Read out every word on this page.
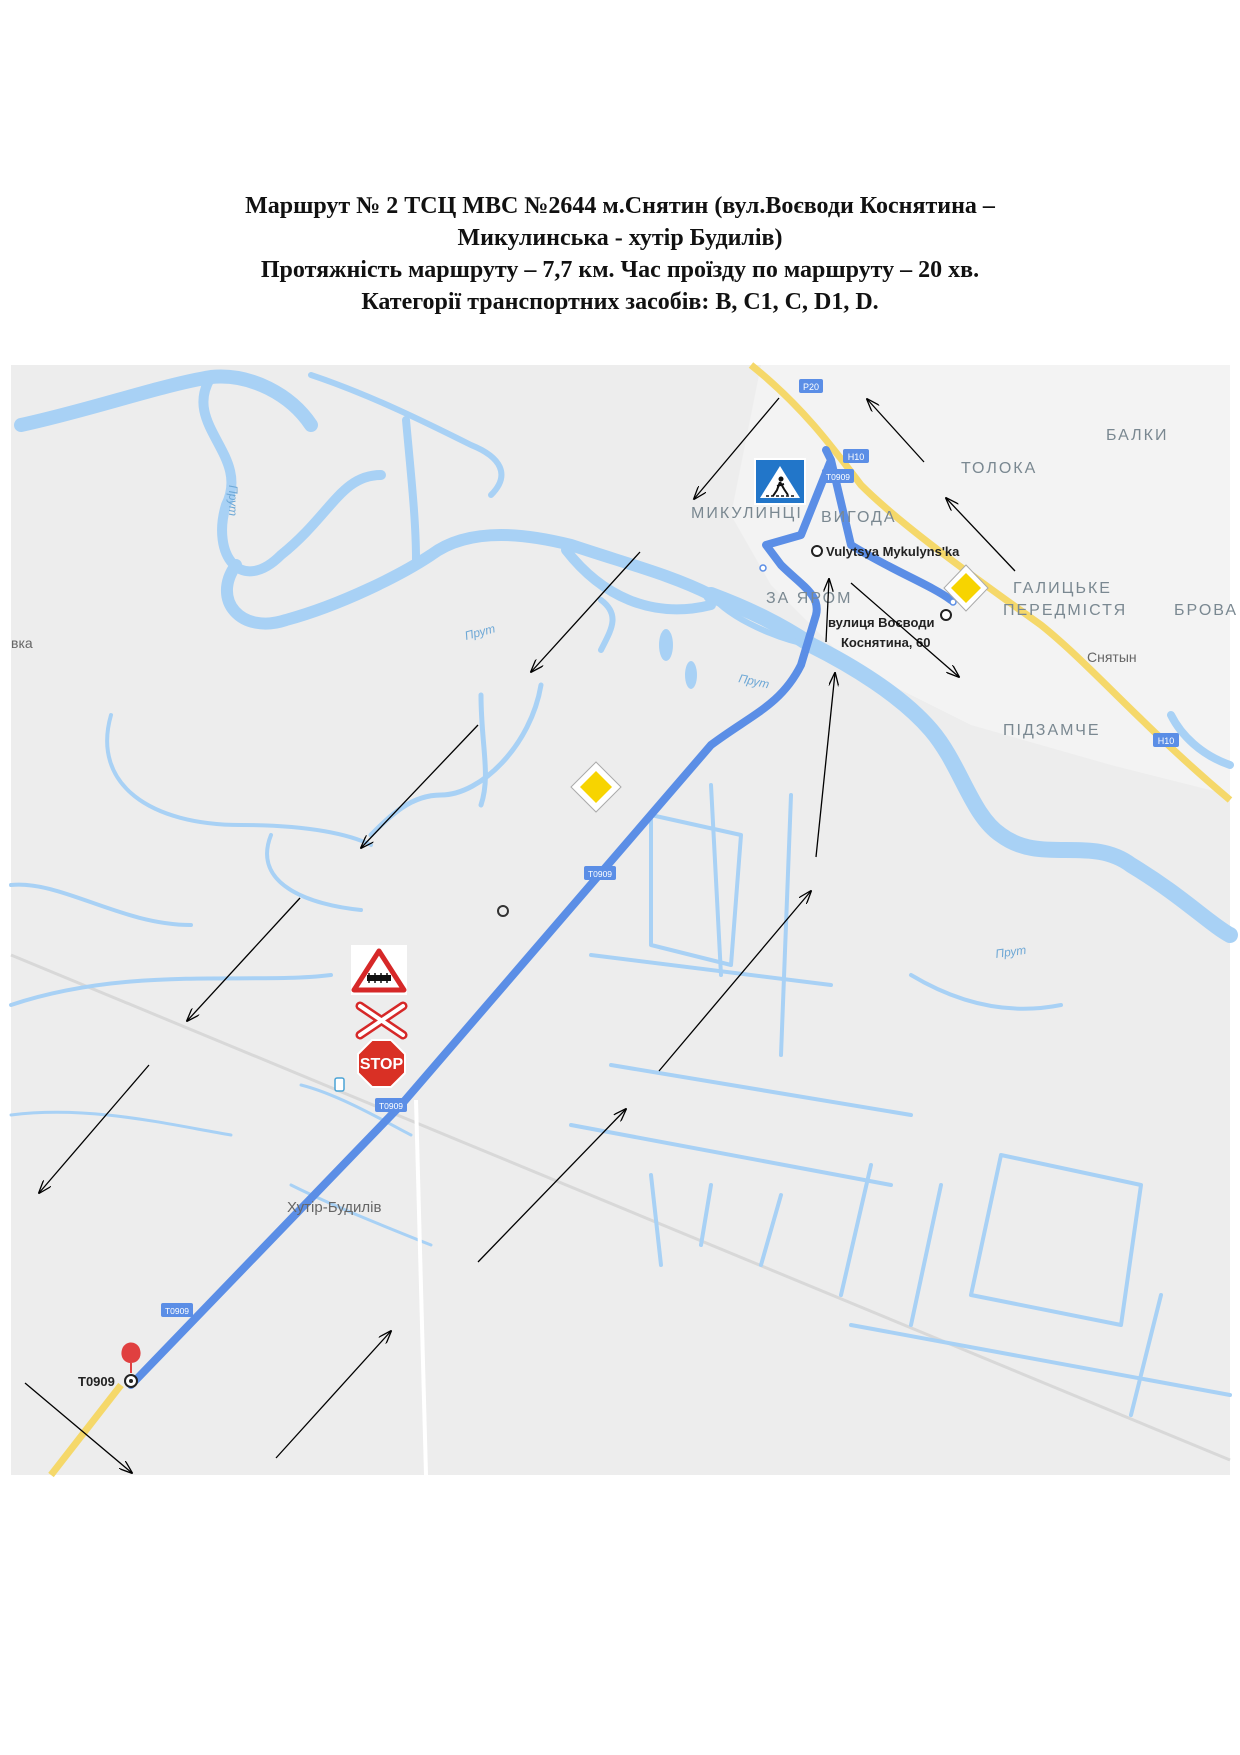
Маршрут № 2 ТСЦ МВС №2644 м.Снятин (вул.Воєводи Коснятина –
Микулинська - хутір Будилів)
Протяжність маршруту – 7,7 км. Час проїзду по маршруту – 20 хв.
Категорії транспортних засобів: B, C1, C, D1, D.
P20
H10
H10
T0909
T0909
T0909
T0909
БАЛКИ
ТОЛОКА
МИКУЛИНЦІ ВИГОДА
ЗА ЯРОМ
ГАЛИЦЬКЕ
ПЕРЕДМІСТЯ	БРОВА
ПІДЗАМЧЕ
Снятын
вка
Хутір-Будилів
Прут
Прут
Прут
Прут
Vulytsya Mykulyns'ka
вулиця Воєводи
Коснятина, 60
T0909
STOP
